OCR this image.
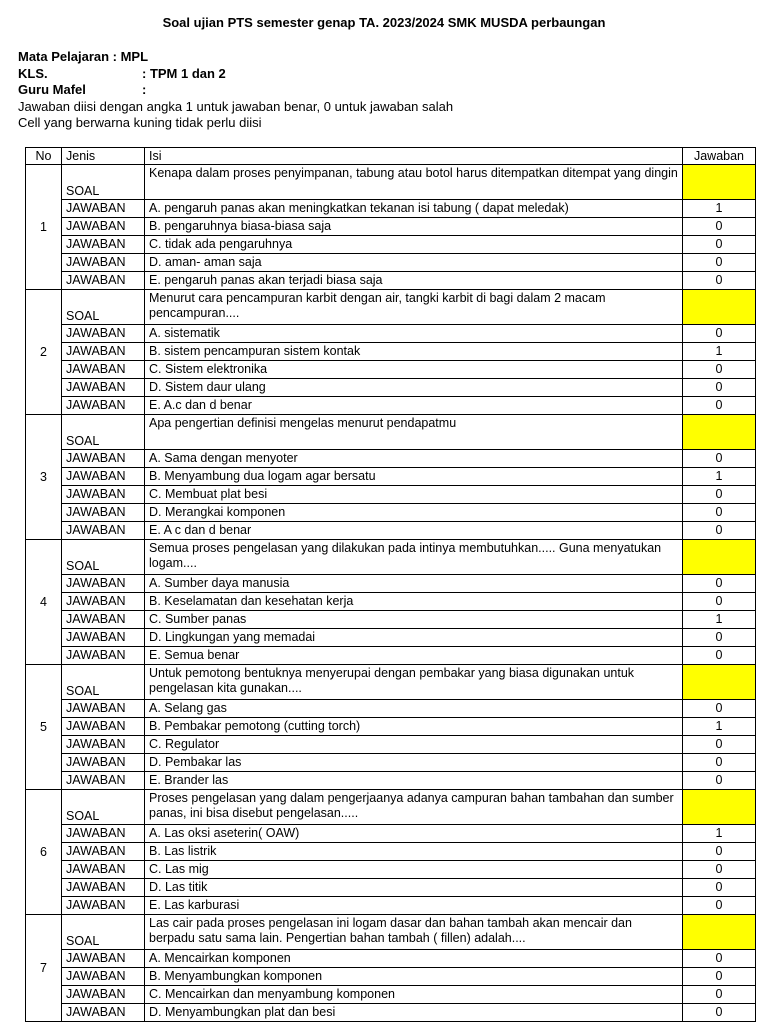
Soal ujian PTS semester genap TA. 2023/2024 SMK MUSDA perbaungan
Mata Pelajaran : MPL
KLS.	: TPM 1 dan 2
Guru Mafel	:
Jawaban diisi dengan angka 1 untuk jawaban benar, 0 untuk jawaban salah
Cell yang berwarna kuning tidak perlu diisi
No	Jenis	Isi	Jawaban
1	SOAL	Kenapa dalam proses penyimpanan, tabung atau botol harus ditempatkan ditempat yang dingin	
	JAWABAN	A. pengaruh panas akan meningkatkan tekanan isi tabung ( dapat meledak)	1
	JAWABAN	B. pengaruhnya biasa-biasa saja	0
	JAWABAN	C. tidak ada pengaruhnya	0
	JAWABAN	D. aman- aman saja	0
	JAWABAN	E. pengaruh panas akan terjadi biasa saja	0
2	SOAL	Menurut cara pencampuran karbit dengan air, tangki karbit di bagi dalam 2 macam pencampuran....	
	JAWABAN	A. sistematik	0
	JAWABAN	B. sistem pencampuran sistem kontak	1
	JAWABAN	C. Sistem elektronika	0
	JAWABAN	D. Sistem daur ulang	0
	JAWABAN	E. A.c dan d benar	0
3	SOAL	Apa pengertian definisi mengelas menurut pendapatmu	
	JAWABAN	A. Sama dengan menyoter	0
	JAWABAN	B. Menyambung dua logam agar bersatu	1
	JAWABAN	C. Membuat plat besi	0
	JAWABAN	D. Merangkai komponen	0
	JAWABAN	E. A c dan d benar	0
4	SOAL	Semua proses pengelasan yang dilakukan pada intinya membutuhkan..... Guna menyatukan logam....	
	JAWABAN	A. Sumber daya manusia	0
	JAWABAN	B. Keselamatan dan kesehatan kerja	0
	JAWABAN	C. Sumber panas	1
	JAWABAN	D. Lingkungan yang memadai	0
	JAWABAN	E. Semua benar	0
5	SOAL	Untuk pemotong bentuknya menyerupai dengan pembakar yang biasa digunakan untuk pengelasan kita gunakan....	
	JAWABAN	A. Selang gas	0
	JAWABAN	B. Pembakar pemotong (cutting torch)	1
	JAWABAN	C. Regulator	0
	JAWABAN	D. Pembakar las	0
	JAWABAN	E. Brander las	0
6	SOAL	Proses pengelasan yang dalam pengerjaanya adanya campuran bahan tambahan dan sumber panas, ini bisa disebut pengelasan.....	
	JAWABAN	A. Las oksi aseterin( OAW)	1
	JAWABAN	B. Las listrik	0
	JAWABAN	C. Las mig	0
	JAWABAN	D. Las titik	0
	JAWABAN	E. Las karburasi	0
7	SOAL	Las cair pada proses pengelasan ini logam dasar dan bahan tambah akan mencair dan berpadu satu sama lain. Pengertian bahan tambah ( fillen) adalah....	
	JAWABAN	A. Mencairkan komponen	0
	JAWABAN	B. Menyambungkan komponen	0
	JAWABAN	C. Mencairkan dan menyambung komponen	0
	JAWABAN	D. Menyambungkan plat dan besi	0
